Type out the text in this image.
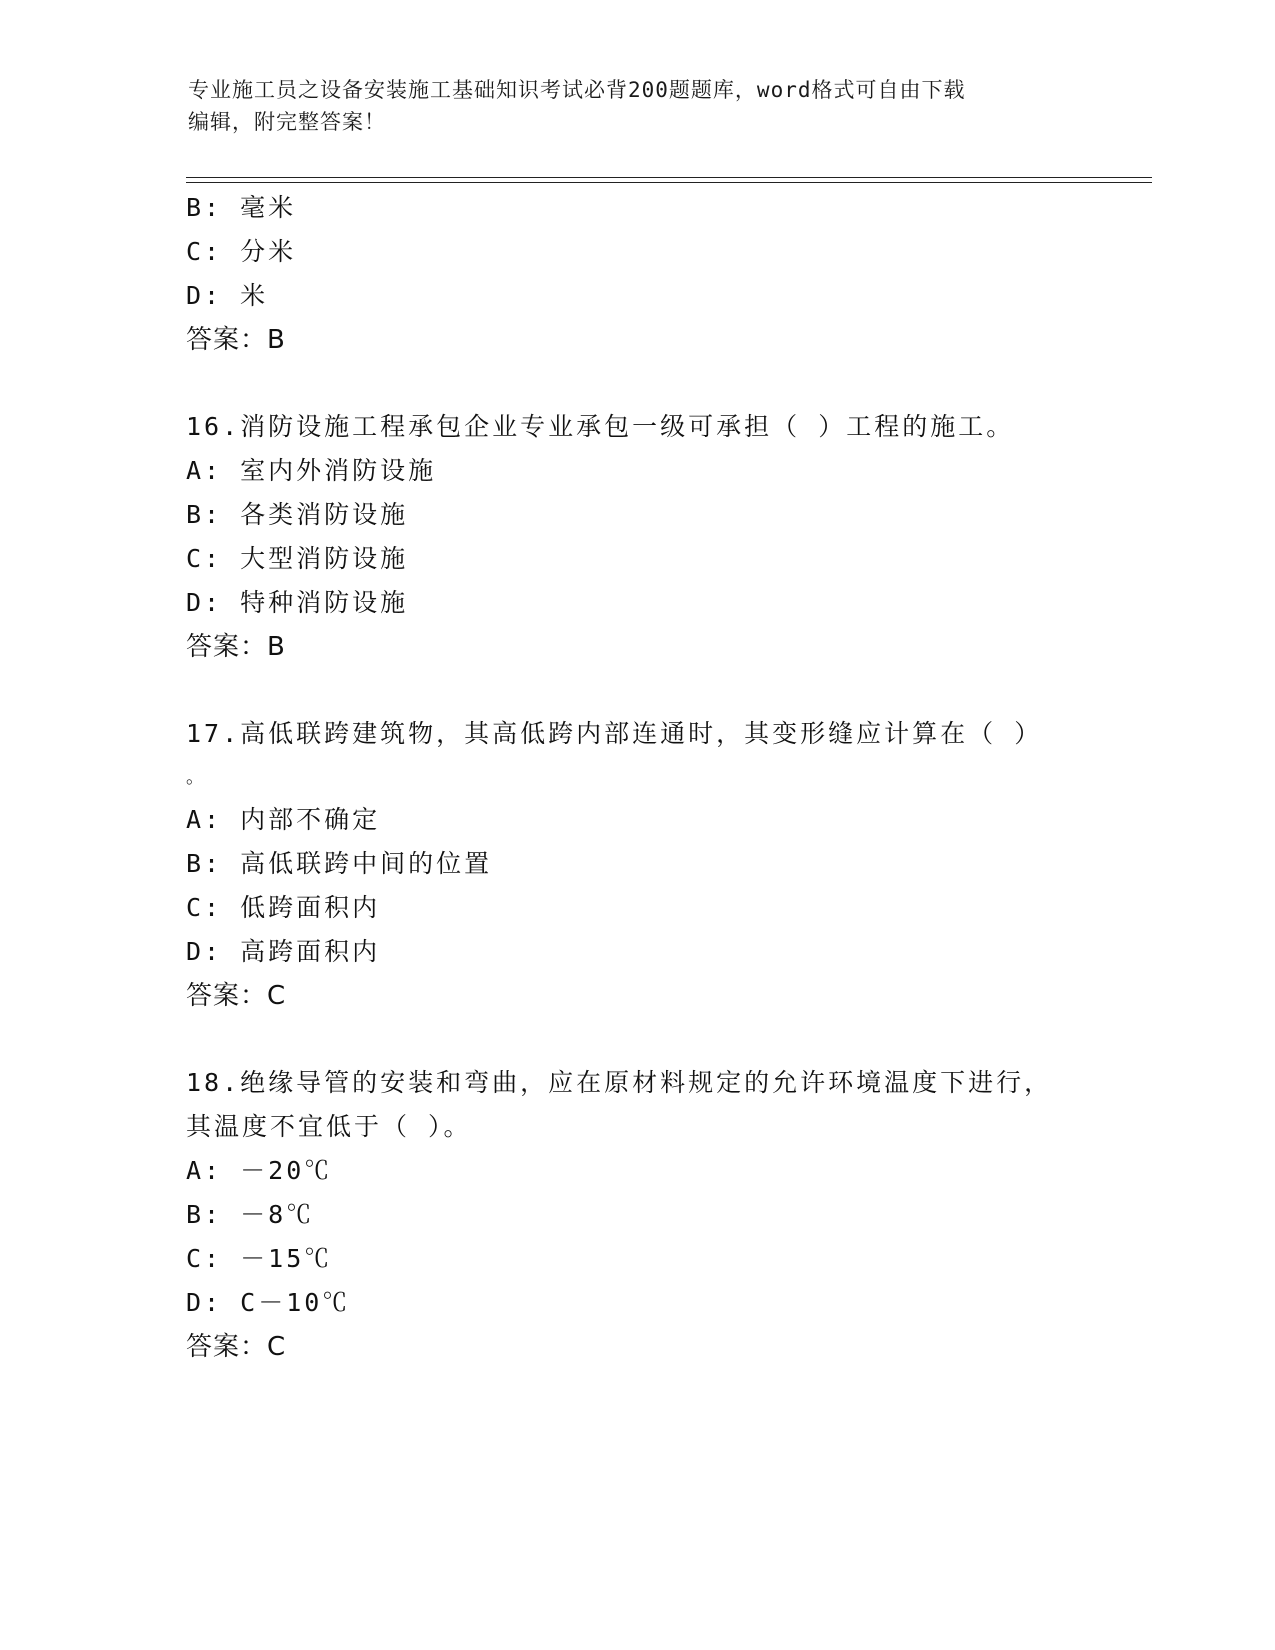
专业施工员之设备安装施工基础知识考试必背200题题库，word格式可自由下载
编辑，附完整答案！
B: 毫米
C: 分米
D: 米
答案：B
16.消防设施工程承包企业专业承包一级可承担（ ）工程的施工。
A: 室内外消防设施
B: 各类消防设施
C: 大型消防设施
D: 特种消防设施
答案：B
17.高低联跨建筑物，其高低跨内部连通时，其变形缝应计算在（ ）
。
A: 内部不确定
B: 高低联跨中间的位置
C: 低跨面积内
D: 高跨面积内
答案：C
18.绝缘导管的安装和弯曲，应在原材料规定的允许环境温度下进行，
其温度不宜低于（ ）。
A: －20℃
B: －8℃
C: －15℃
D: C－10℃
答案：C
